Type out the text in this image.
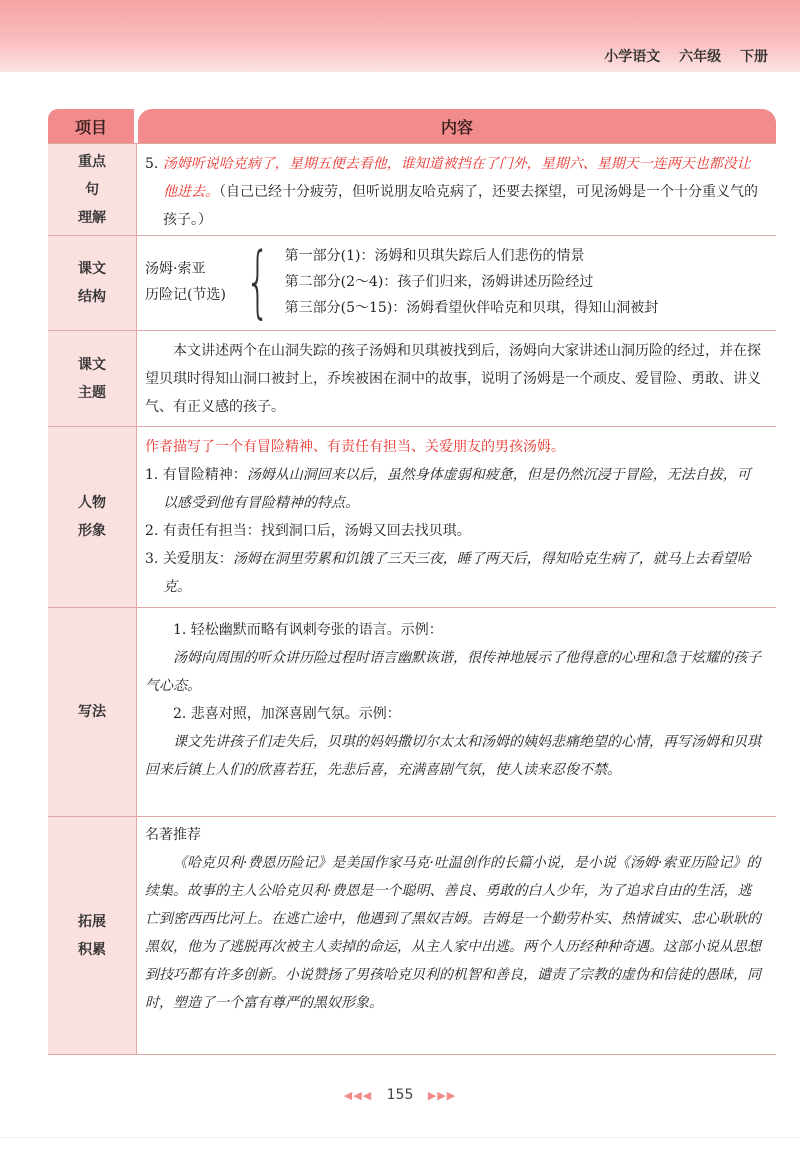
小学语文 六年级 下册
项目	内容
重点句
理解

5. 汤姆听说哈克病了，星期五便去看他，谁知道被挡在了门外，星期六、星期天一连两天也都没让他进去。（自己已经十分疲劳，但听说朋友哈克病了，还要去探望，可见汤姆是一个十分重义气的孩子。）

课文
结构
汤姆·索亚
历险记(节选) { 第一部分(1)：汤姆和贝琪失踪后人们悲伤的情景
第二部分(2～4)：孩子们归来，汤姆讲述历险经过
第三部分(5～15)：汤姆看望伙伴哈克和贝琪，得知山洞被封
课文
主题

本文讲述两个在山洞失踪的孩子汤姆和贝琪被找到后，汤姆向大家讲述山洞历险的经过，并在探望贝琪时得知山洞口被封上，乔埃被困在洞中的故事，说明了汤姆是一个顽皮、爱冒险、勇敢、讲义气、有正义感的孩子。

人物
形象

作者描写了一个有冒险精神、有责任有担当、关爱朋友的男孩汤姆。

1. 有冒险精神：汤姆从山洞回来以后，虽然身体虚弱和疲惫，但是仍然沉浸于冒险，无法自拔，可以感受到他有冒险精神的特点。

2. 有责任有担当：找到洞口后，汤姆又回去找贝琪。

3. 关爱朋友：汤姆在洞里劳累和饥饿了三天三夜，睡了两天后，得知哈克生病了，就马上去看望哈克。

写法

1. 轻松幽默而略有讽刺夸张的语言。示例：

汤姆向周围的听众讲历险过程时语言幽默诙谐，很传神地展示了他得意的心理和急于炫耀的孩子气心态。

2. 悲喜对照，加深喜剧气氛。示例：

课文先讲孩子们走失后，贝琪的妈妈撒切尔太太和汤姆的姨妈悲痛绝望的心情，再写汤姆和贝琪回来后镇上人们的欣喜若狂，先悲后喜，充满喜剧气氛，使人读来忍俊不禁。

拓展
积累

名著推荐

《哈克贝利·费恩历险记》是美国作家马克·吐温创作的长篇小说，是小说《汤姆·索亚历险记》的续集。故事的主人公哈克贝利·费恩是一个聪明、善良、勇敢的白人少年，为了追求自由的生活，逃亡到密西西比河上。在逃亡途中，他遇到了黑奴吉姆。吉姆是一个勤劳朴实、热情诚实、忠心耿耿的黑奴，他为了逃脱再次被主人卖掉的命运，从主人家中出逃。两个人历经种种奇遇。这部小说从思想到技巧都有许多创新。小说赞扬了男孩哈克贝利的机智和善良，谴责了宗教的虚伪和信徒的愚昧，同时，塑造了一个富有尊严的黑奴形象。

◀◀◀ 155 ▶▶▶
